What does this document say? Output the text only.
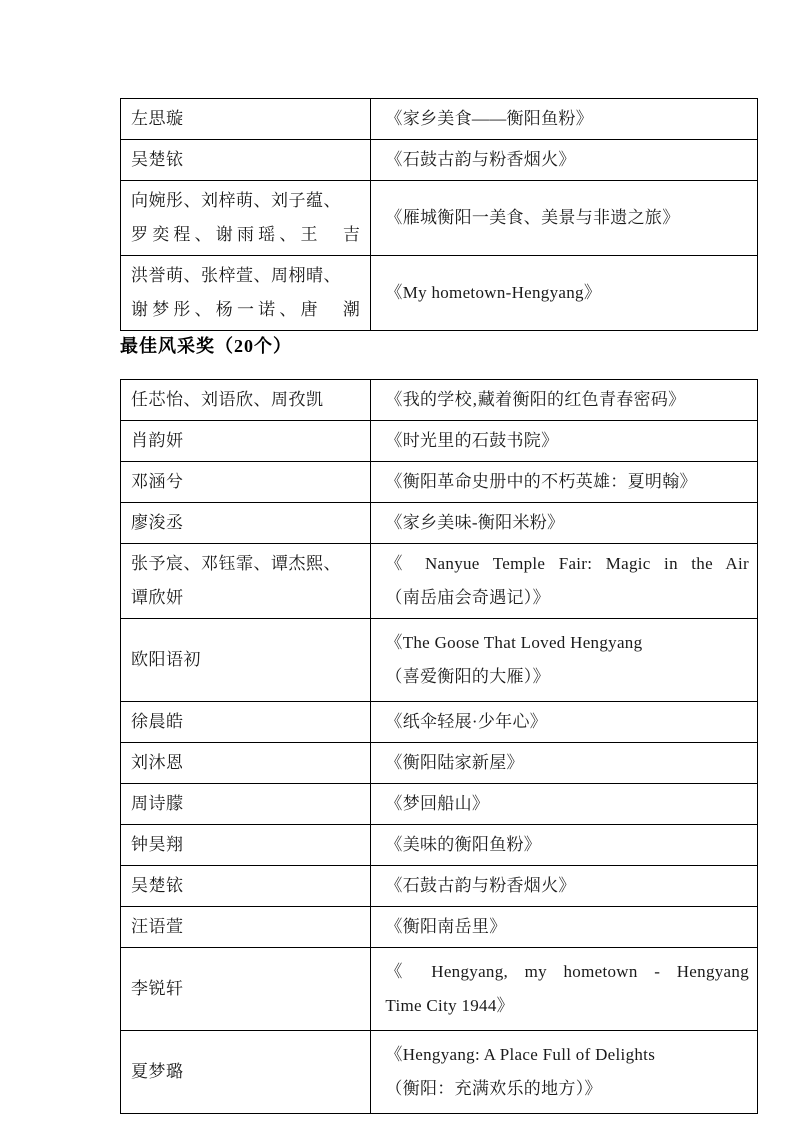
左思璇	《家乡美食——衡阳鱼粉》

吴楚铱	《石鼓古韵与粉香烟火》

向婉彤、刘梓萌、刘子蕴、
罗奕程、谢雨瑶、王　吉	《雁城衡阳一美食、美景与非遗之旅》

洪誉萌、张梓萱、周栩晴、
谢梦彤、杨一诺、唐　潮	《My hometown-Hengyang》
最佳风采奖（20个）
任芯怡、刘语欣、周孜凯	《我的学校‚藏着衡阳的红色青春密码》

肖韵妍	《时光里的石鼓书院》

邓涵兮	《衡阳革命史册中的不朽英雄：夏明翰》

廖浚丞	《家乡美味-衡阳米粉》

张予宸、邓钰霏、谭杰熙、
谭欣妍	《 Nanyue Temple Fair: Magic in the Air
（南岳庙会奇遇记）》

欧阳语初	《The Goose That Loved Hengyang
（喜爱衡阳的大雁）》

徐晨皓	《纸伞轻展·少年心》

刘沐恩	《衡阳陆家新屋》

周诗朦	《梦回船山》

钟昊翔	《美味的衡阳鱼粉》

吴楚铱	《石鼓古韵与粉香烟火》

汪语萱	《衡阳南岳里》

李锐轩	《 Hengyang, my hometown - Hengyang
Time City 1944》

夏梦璐	《Hengyang: A Place Full of Delights
（衡阳：充满欢乐的地方）》
